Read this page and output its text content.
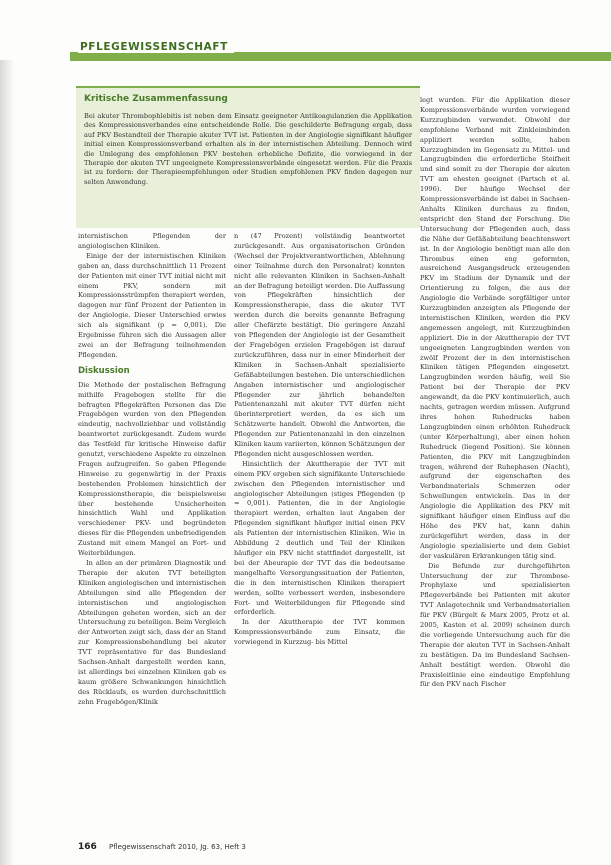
PFLEGEWISSENSCHAFT
Kritische Zusammenfassung
Bei akuter Thrombophlebitis ist neben dem Einsatz geeigneter Antikoagulanzien die Applikation des Kompressionsverbandes eine entscheidende Rolle. Die geschilderte Befragung ergab, dass auf PKV Bestandteil der Therapie akuter TVT ist. Patienten in der Angiologie signifikant häufiger initial einen Kompressionsverband erhalten als in der internistischen Abteilung. Dennoch wird die Umlegung des empfohlenen PKV bestehen erhebliche Defizite, die vorwiegend in der Therapie der akuten TVT ungeeignete Kompressionsverbände eingesetzt werden. Für die Praxis ist zu fordern: der Therapieempfehlungen oder Studien empfohlenen PKV finden dagegen nur selten Anwendung.

internistischen Pflegenden der angiologischen Kliniken.

Einige der der internistischen Kliniken gaben an, dass durchschnittlich 11 Prozent der Patienten mit einer TVT initial nicht mit einem PKV, sondern mit Kompressionsstrümpfen therapiert werden, dagegen nur fünf Prozent der Patienten in der Angiologie. Dieser Unterschied erwies sich als signifikant (p = 0,001). Die Ergebnisse führen sich die Aussagen aller zwei an der Befragung teilnehmenden Pflegenden.

Diskussion

Die Methode der postalischen Befragung mithilfe Fragebogen stellte für die befragten Pflegekräften Personen das Die Fragebögen wurden von den Pflegenden eindeutig, nachvollziehbar und vollständig beantwortet zurückgesandt. Zudem wurde das Testfeld für kritische Hinweise dafür genutzt, verschiedene Aspekte zu einzelnen Fragen aufzugreifen. So gaben Pflegende Hinweise zu gegenwärtig in der Praxis bestehenden Problemen hinsichtlich der Kompressionstherapie, die beispielsweise über bestehende Unsicherheiten hinsichtlich Wahl und Applikation verschiedener PKV- und begründeten dieses für die Pflegenden unbefriedigenden Zustand mit einem Mangel an Fort- und Weiterbildungen.

In allen an der primären Diagnostik und Therapie der akuten TVT beteiligten Kliniken angiologischen und internistischen Abteilungen sind alle Pflegenden der internistischen und angiologischen Abteilungen geheten worden, sich an der Untersuchung zu beteiligen. Beim Vergleich der Antworten zeigt sich, dass der an Stand zur Kompressionsbehandlung bei akuter TVT repräsentative für das Bundesland Sachsen-Anhalt dargestellt werden kann, ist allerdings bei einzelnen Kliniken gab es kaum größere Schwankungen hinsichtlich des Rücklaufs, es wurden durchschnittlich zehn Fragebögen/Klinik

n (47 Prozent) vollständig beantwortet zurückgesandt. Aus organisatorischen Gründen (Wechsel der Projektverantwortlichen, Ablehnung einer Teilnahme durch den Personalrat) konnten nicht alle relevanten Kliniken in Sachsen-Anhalt an der Befragung beteiligt werden. Die Auffassung von Pflegekräften hinsichtlich der Kompressionstherapie, dass die akuter TVT werden durch die bereits genannte Befragung aller Chefärzte bestätigt. Die geringere Anzahl von Pflegenden der Angiologie ist der Gesamtheit der Fragebögen erzielen Fragebögen ist darauf zurückzuführen, dass nur in einer Minderheit der Kliniken in Sachsen-Anhalt spezialisierte Gefäßabteilungen bestehen. Die unterschiedlichen Angaben internistischer und angiologischer Pflegender zur jährlich behandelten Patientenanzahl mit akuter TVT dürfen nicht überinterpretiert werden, da es sich um Schätzwerte handelt. Obwohl die Antworten, die Pflegenden zur Patientenanzahl in den einzelnen Kliniken kaum variierten, können Schätzungen der Pflegenden nicht ausgeschlossen werden.

Hinsichtlich der Akuttherapie der TVT mit einem PKV ergeben sich signifikante Unterschiede zwischen den Pflegenden internistischer und angiologischer Abteilungen (stiges Pflegenden (p = 0,001). Patienten, die in der Angiologie therapiert werden, erhalten laut Angaben der Pflegenden signifikant häufiger initial einen PKV als Patienten der internistischen Kliniken. Wie in Abbildung 2 deutlich und Teil der Kliniken häufiger ein PKV nicht stattfindet dargestellt, ist bei der Abeurapie der TVT das die bedeutsame mangelhafte Versorgungssituation der Patienten, die in den internistischen Kliniken therapiert werden, sollte verbessert werden, insbesondere Fort- und Weiterbildungen für Pflegende sind erforderlich.

In der Akuttherapie der TVT kommen Kompressionsverbände zum Einsatz, die vorwiegend in Kurzzug- bis Mittel

legt wurden. Für die Applikation dieser Kompressionsverbände wurden vorwiegend Kurzzugbinden verwendet. Obwohl der empfohlene Verband mit Zinkleimbinden appliziert werden sollte, haben Kurzzugbinden im Gegensatz zu Mittel- und Langzugbinden die erforderliche Steifheit und sind somit zu der Therapie der akuten TVT am ehesten geeignet (Partsch et al. 1996). Der häufige Wechsel der Kompressionsverbände ist dabei in Sachsen-Anhalts Kliniken durchaus zu finden, entspricht den Stand der Forschung. Die Untersuchung der Pflegenden auch, dass die Nähe der Gefäßabteilung beachtenswert ist. In der Angiologie benötigt man alle den Thrombus einen eng geformten, ausreichend Ausgangsdruck erzeugenden PKV im Stadium der Dynamik und der Orientierung zu folgen, die aus der Angiologie die Verbände sorgfältiger unter Kurzzugbinden anzeigten als Pflegende der internistischen Kliniken, werden die PKV angemessen angelegt, mit Kurzzugbinden appliziert. Die in der Akuttherapie der TVT ungeeigneten Langzugbinden werden von zwölf Prozent der in den internistischen Kliniken tätigen Pflegenden eingesetzt. Langzugbinden werden häufig, weil Sie Patient bei der Therapie der PKV angewandt, da die PKV kontinuierlich, auch nachts, getragen werden müssen. Aufgrund ihres hohen Ruhedrucks haben Langzugbinden einen erhöhten Ruhedruck (unter Körperhaltung), aber einen hohen Ruhedruck (liegend Position). Sie können Patienten, die PKV mit Langzugbinden tragen, während der Ruhephasen (Nacht), aufgrund der eigenschaften des Verbandmaterials Schmerzen oder Schwellungen entwickeln. Das in der Angiologie die Applikation des PKV mit signifikant häufiger einen Einfluss auf die Höhe des PKV hat, kann dahin zurückgeführt werden, dass in der Angiologie spezialisierte und dem Gebiet der vaskulären Erkrankungen tätig sind.

Die Befunde zur durchgeführten Untersuchung der zur Thrombose-Prophylaxe und spezialisierten Pflegeverbände bei Patienten mit akuter TVT Anlagetechnik und Verbandmaterialien für PKV (Bürgelt & Marx 2005, Protz et al. 2005, Kasten et al. 2009) scheinen durch die vorliegende Untersuchung auch für die Therapie der akuten TVT in Sachsen-Anhalt zu bestätigen. Da im Bundesland Sachsen-Anhalt bestätigt werden. Obwohl die Praxisleitlinie eine eindeutige Empfehlung für den PKV nach Fischer

166 Pflegewissenschaft 2010, Jg. 63, Heft 3
